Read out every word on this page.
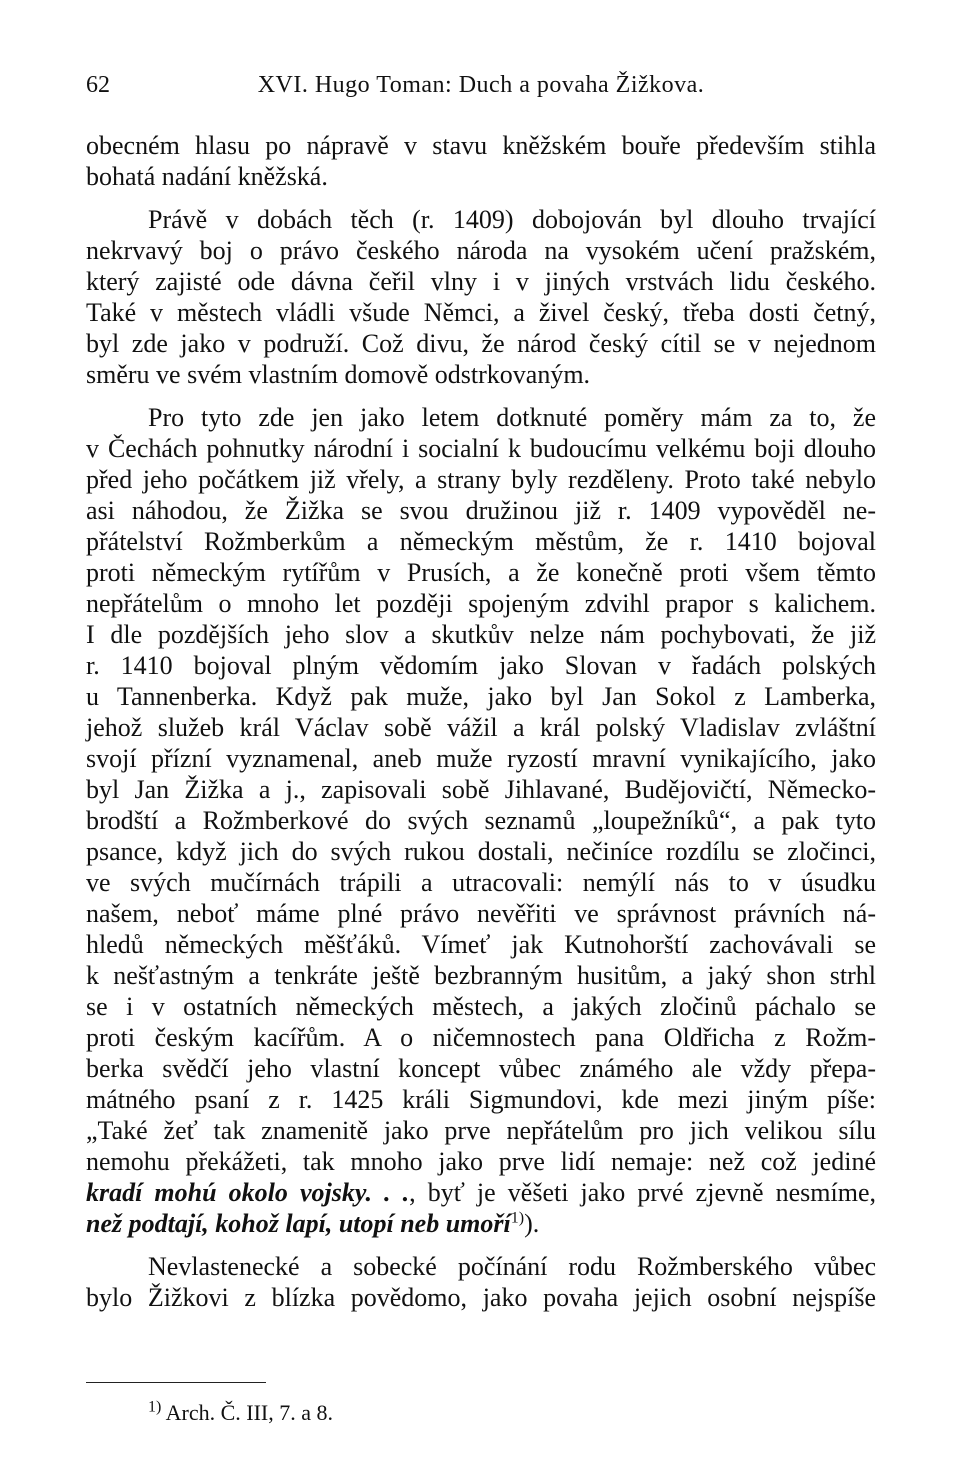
62	XVI. Hugo Toman: Duch a povaha Žižkova.
obecném hlasu po nápravě v stavu kněžském bouře především stihla
bohatá nadání kněžská.
Právě v dobách těch (r. 1409) dobojován byl dlouho trvající
nekrvavý boj o právo českého národa na vysokém učení pražském,
který zajisté ode dávna čeřil vlny i v jiných vrstvách lidu českého.
Také v městech vládli všude Němci, a živel český, třeba dosti četný,
byl zde jako v podruží. Což divu, že národ český cítil se v nejednom
směru ve svém vlastním domově odstrkovaným.
Pro tyto zde jen jako letem dotknuté poměry mám za to, že
v Čechách pohnutky národní i socialní k budoucímu velkému boji dlouho
před jeho počátkem již vřely, a strany byly rezděleny. Proto také nebylo
asi náhodou, že Žižka se svou družinou již r. 1409 vypověděl ne-
přátelství Rožmberkům a německým městům, že r. 1410 bojoval
proti německým rytířům v Prusích, a že konečně proti všem těmto
nepřátelům o mnoho let později spojeným zdvihl prapor s kalichem.
I dle pozdějších jeho slov a skutkův nelze nám pochybovati, že již
r. 1410 bojoval plným vědomím jako Slovan v řadách polských
u Tannenberka. Když pak muže, jako byl Jan Sokol z Lamberka,
jehož služeb král Václav sobě vážil a král polský Vladislav zvláštní
svojí přízní vyznamenal, aneb muže ryzostí mravní vynikajícího, jako
byl Jan Žižka a j., zapisovali sobě Jihlavané, Budějovičtí, Německo-
brodští a Rožmberkové do svých seznamů „loupežníků“, a pak tyto
psance, když jich do svých rukou dostali, nečiníce rozdílu se zločinci,
ve svých mučírnách trápili a utracovali: nemýlí nás to v úsudku
našem, neboť máme plné právo nevěřiti ve správnost právních ná-
hledů německých měšťáků. Vímeť jak Kutnohorští zachovávali se
k nešťastným a tenkráte ještě bezbranným husitům, a jaký shon strhl
se i v ostatních německých městech, a jakých zločinů páchalo se
proti českým kacířům. A o ničemnostech pana Oldřicha z Rožm-
berka svědčí jeho vlastní koncept vůbec známého ale vždy přepa-
mátného psaní z r. 1425 králi Sigmundovi, kde mezi jiným píše:
„Také žeť tak znamenitě jako prve nepřátelům pro jich velikou sílu
nemohu překážeti, tak mnoho jako prve lidí nemaje: než což jediné
kradí mohú okolo vojsky. . ., byť je věšeti jako prvé zjevně nesmíme,
než podtají, kohož lapí, utopí neb umoří$^{1)}$).
Nevlastenecké a sobecké počínání rodu Rožmberského vůbec
bylo Žižkovi z blízka povědomo, jako povaha jejich osobní nejspíše
$^{1)}$ Arch. Č. III, 7. a 8.
